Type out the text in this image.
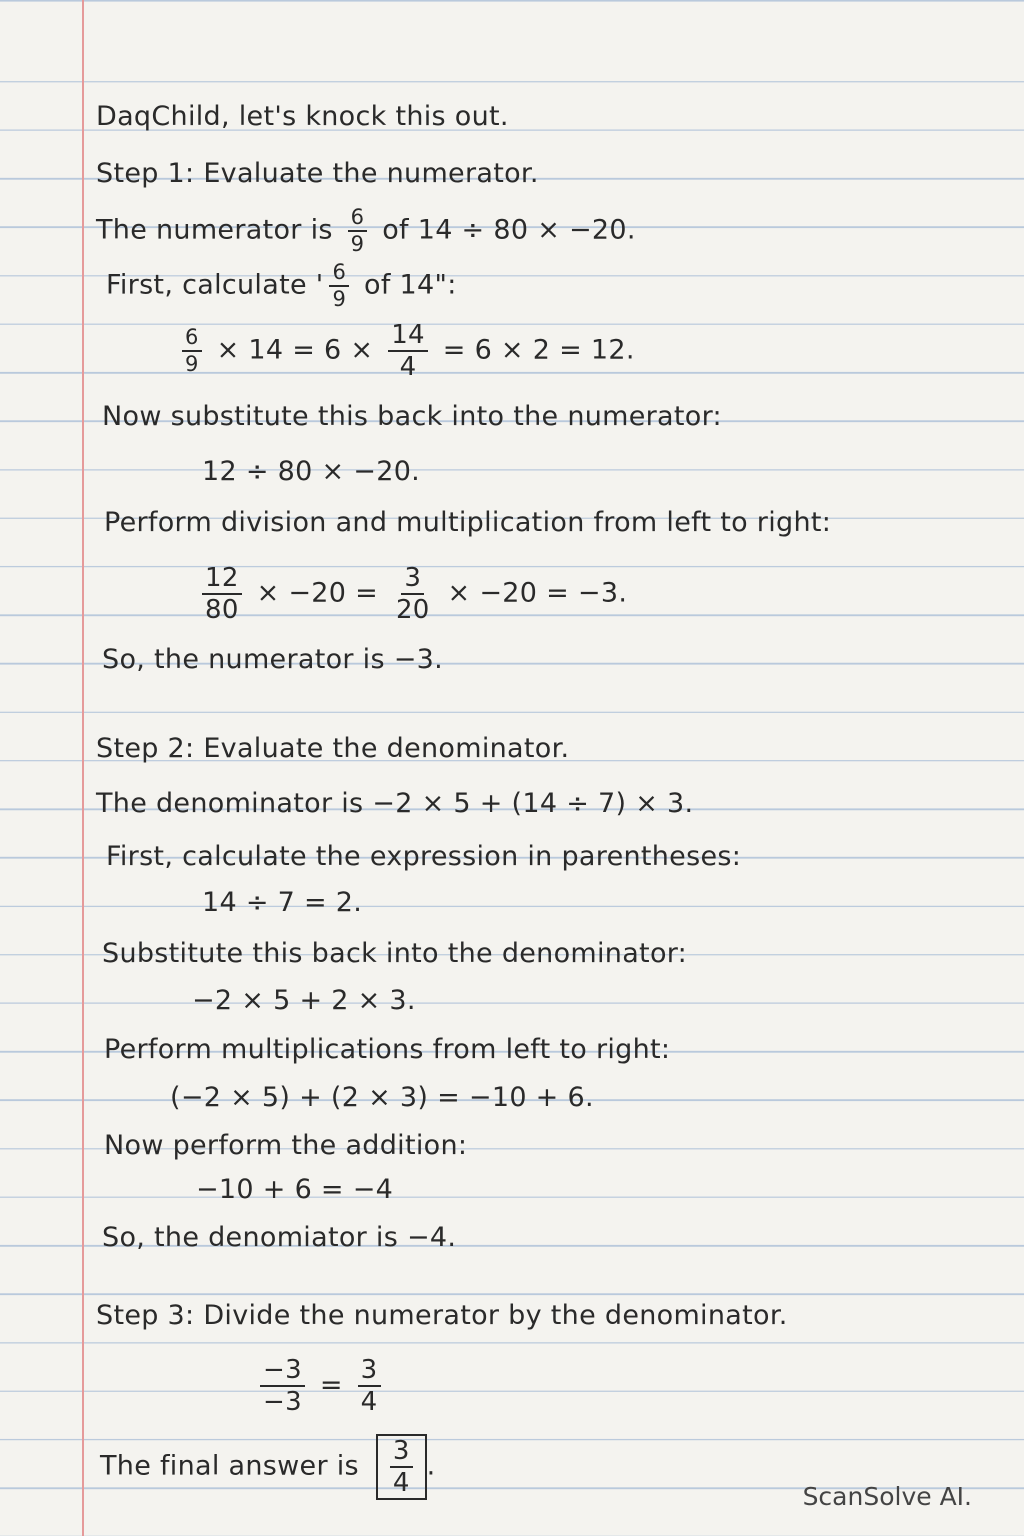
DaqChild, let's knock this out.
Step 1: Evaluate the numerator.
The numerator is $\frac{6}{9}$ of 14 ÷ 80 × −20.
First, calculate ' $\frac{6}{9}$ of 14":
$\frac{6}{9} \times 14 = 6 \times \frac{14}{4} = 6 \times 2 = 12$.
Now substitute this back into the numerator:
12 ÷ 80 × −20.
Perform division and multiplication from left to right:
$\frac{12}{80} \times -20 = \frac{3}{20} \times -20 = -3$.
So, the numerator is −3.
Step 2: Evaluate the denominator.
The denominator is −2 × 5 + (14 ÷ 7) × 3.
First, calculate the expression in parentheses:
14 ÷ 7 = 2.
Substitute this back into the denominator:
−2 × 5 + 2 × 3.
Perform multiplications from left to right:
(−2 × 5) + (2 × 3) = −10 + 6.
Now perform the addition:
−10 + 6 = −4
So, the denomiator is −4.
Step 3: Divide the numerator by the denominator.
$\frac{-3}{-3} = \frac{3}{4}$
The final answer is $\frac{3}{4}$ .
ScanSolve AI.
